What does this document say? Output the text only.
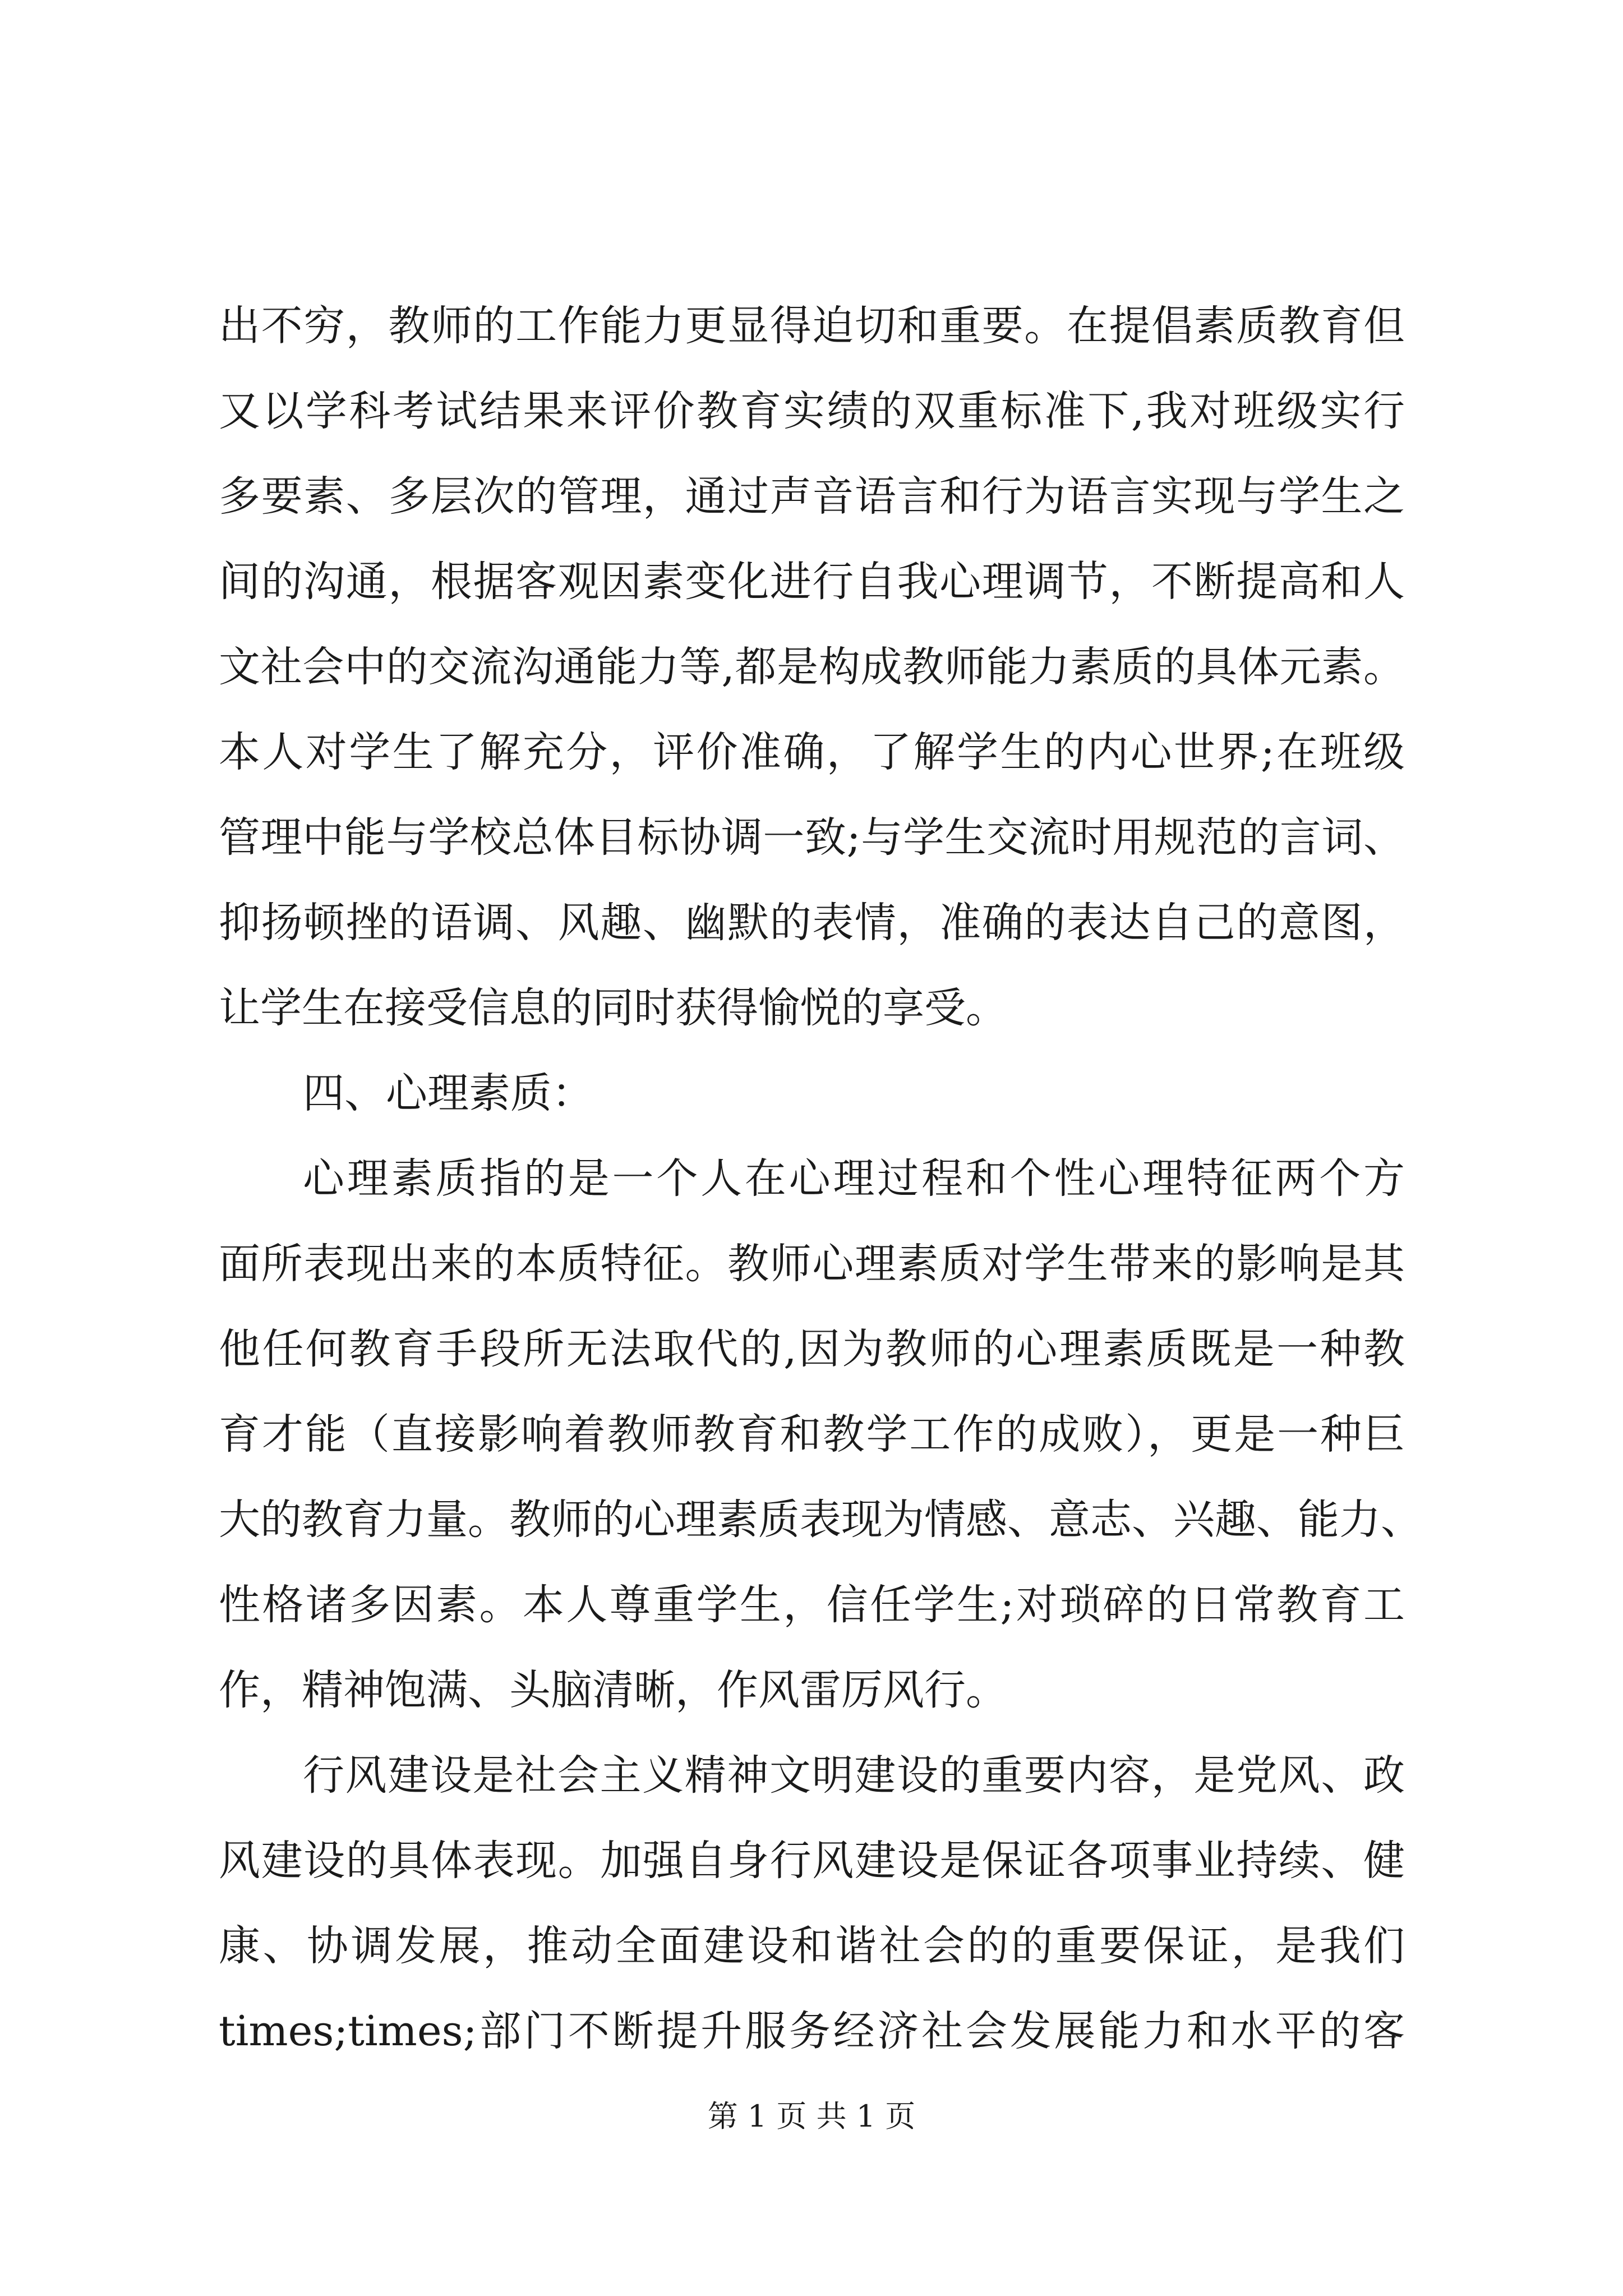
出不穷，教师的工作能力更显得迫切和重要。在提倡素质教育但
又以学科考试结果来评价教育实绩的双重标准下,我对班级实行
多要素、多层次的管理，通过声音语言和行为语言实现与学生之
间的沟通，根据客观因素变化进行自我心理调节，不断提高和人
文社会中的交流沟通能力等,都是构成教师能力素质的具体元素。
本人对学生了解充分，评价准确，了解学生的内心世界;在班级
管理中能与学校总体目标协调一致;与学生交流时用规范的言词、
抑扬顿挫的语调、风趣、幽默的表情，准确的表达自己的意图，
让学生在接受信息的同时获得愉悦的享受。
四、心理素质：
心理素质指的是一个人在心理过程和个性心理特征两个方
面所表现出来的本质特征。教师心理素质对学生带来的影响是其
他任何教育手段所无法取代的,因为教师的心理素质既是一种教
育才能（直接影响着教师教育和教学工作的成败），更是一种巨
大的教育力量。教师的心理素质表现为情感、意志、兴趣、能力、
性格诸多因素。本人尊重学生，信任学生;对琐碎的日常教育工
作，精神饱满、头脑清晰，作风雷厉风行。
行风建设是社会主义精神文明建设的重要内容，是党风、政
风建设的具体表现。加强自身行风建设是保证各项事业持续、健
康、协调发展，推动全面建设和谐社会的的重要保证，是我们
times;times;部门不断提升服务经济社会发展能力和水平的客
第 1 页 共 1 页
